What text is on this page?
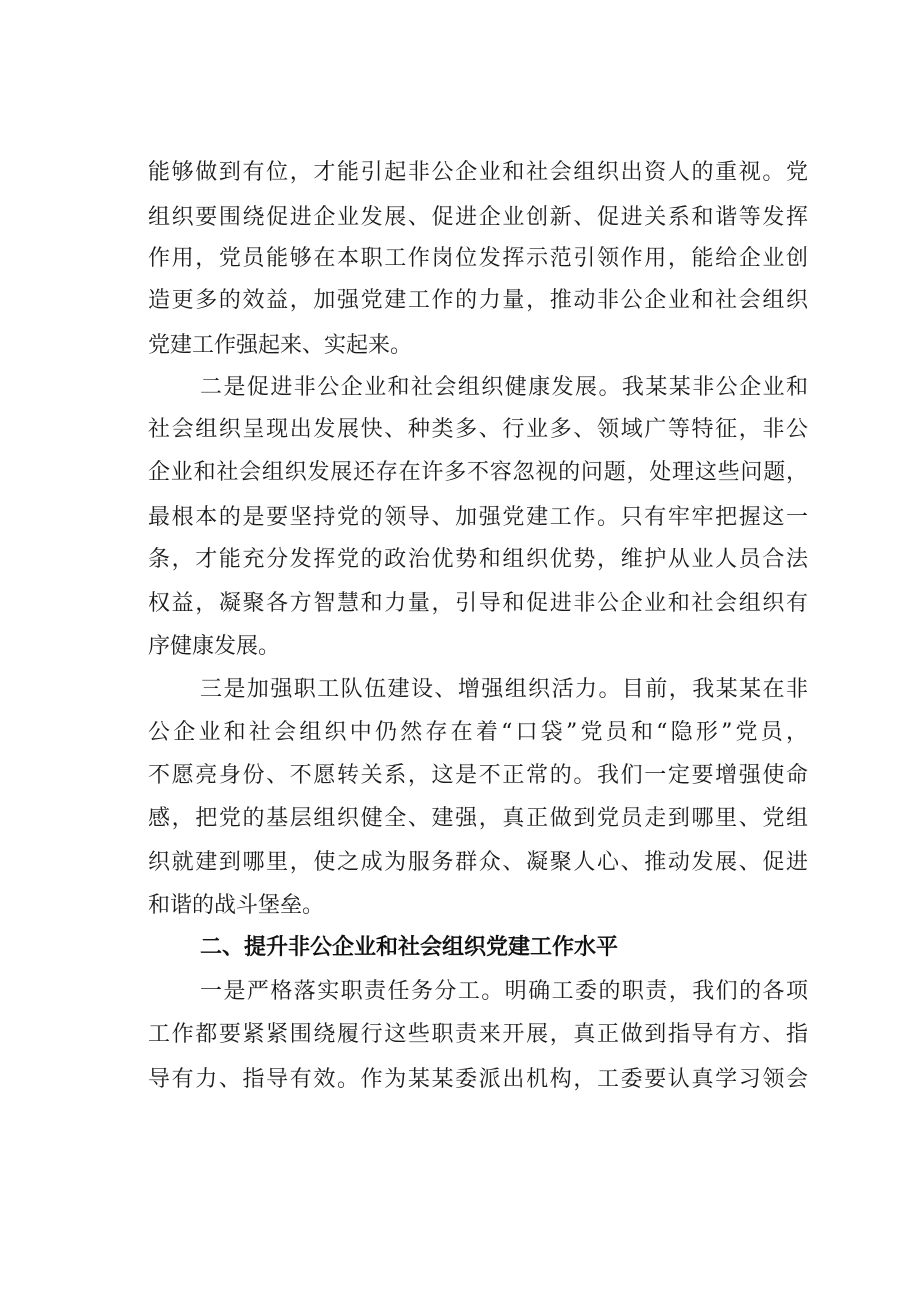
能够做到有位，才能引起非公企业和社会组织出资人的重视。党
组织要围绕促进企业发展、促进企业创新、促进关系和谐等发挥
作用，党员能够在本职工作岗位发挥示范引领作用，能给企业创
造更多的效益，加强党建工作的力量，推动非公企业和社会组织
党建工作强起来、实起来。
二是促进非公企业和社会组织健康发展。我某某非公企业和
社会组织呈现出发展快、种类多、行业多、领域广等特征，非公
企业和社会组织发展还存在许多不容忽视的问题，处理这些问题，
最根本的是要坚持党的领导、加强党建工作。只有牢牢把握这一
条，才能充分发挥党的政治优势和组织优势，维护从业人员合法
权益，凝聚各方智慧和力量，引导和促进非公企业和社会组织有
序健康发展。
三是加强职工队伍建设、增强组织活力。目前，我某某在非
公企业和社会组织中仍然存在着“口袋”党员和“隐形”党员，
不愿亮身份、不愿转关系，这是不正常的。我们一定要增强使命
感，把党的基层组织健全、建强，真正做到党员走到哪里、党组
织就建到哪里，使之成为服务群众、凝聚人心、推动发展、促进
和谐的战斗堡垒。
二、提升非公企业和社会组织党建工作水平
一是严格落实职责任务分工。明确工委的职责，我们的各项
工作都要紧紧围绕履行这些职责来开展，真正做到指导有方、指
导有力、指导有效。作为某某委派出机构，工委要认真学习领会
